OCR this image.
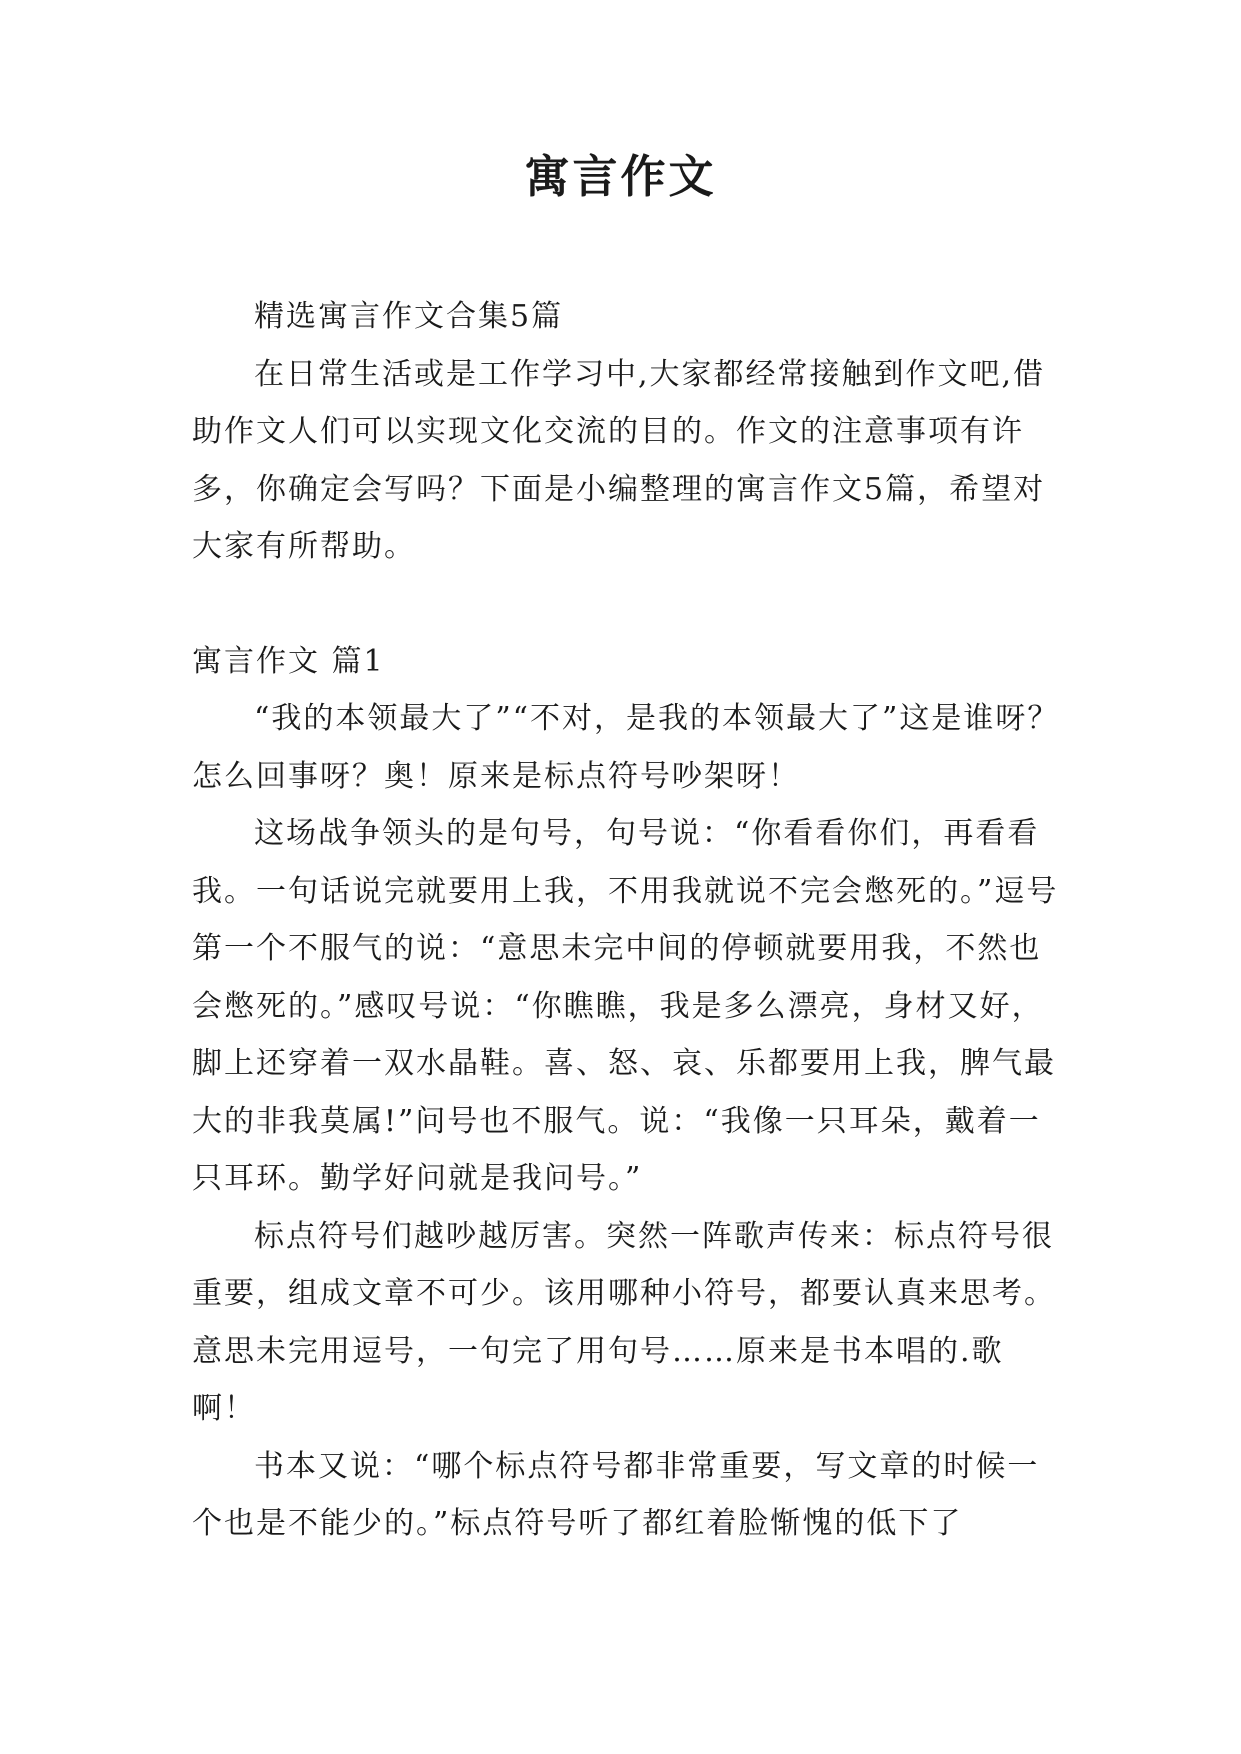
寓言作文

精选寓言作文合集5篇

在日常生活或是工作学习中,大家都经常接触到作文吧,借助作文人们可以实现文化交流的目的。作文的注意事项有许多，你确定会写吗？下面是小编整理的寓言作文5篇，希望对大家有所帮助。

寓言作文 篇1

“我的本领最大了”“不对，是我的本领最大了”这是谁呀？怎么回事呀？奥！原来是标点符号吵架呀！

这场战争领头的是句号，句号说：“你看看你们，再看看我。一句话说完就要用上我，不用我就说不完会憋死的。”逗号第一个不服气的说：“意思未完中间的停顿就要用我，不然也会憋死的。”感叹号说：“你瞧瞧，我是多么漂亮，身材又好，脚上还穿着一双水晶鞋。喜、怒、哀、乐都要用上我，脾气最大的非我莫属!”问号也不服气。说：“我像一只耳朵，戴着一只耳环。勤学好问就是我问号。”

标点符号们越吵越厉害。突然一阵歌声传来：标点符号很重要，组成文章不可少。该用哪种小符号，都要认真来思考。意思未完用逗号，一句完了用句号……原来是书本唱的.歌啊！

书本又说：“哪个标点符号都非常重要，写文章的时候一个也是不能少的。”标点符号听了都红着脸惭愧的低下了
